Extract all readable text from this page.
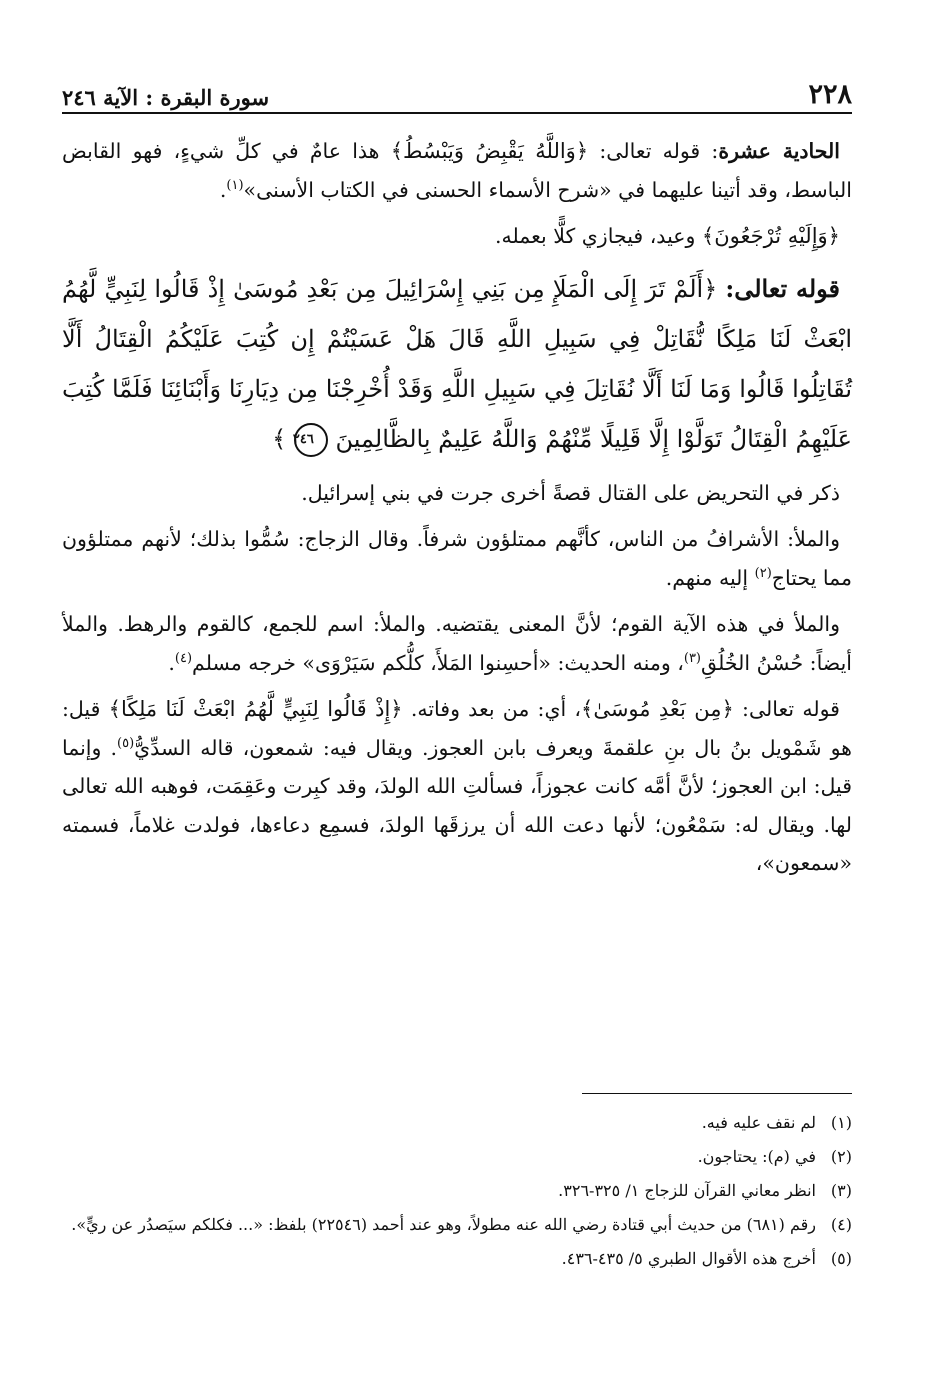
٢٢٨
سورة البقرة : الآية ٢٤٦

الحادية عشرة: قوله تعالى: ﴿وَاللَّهُ يَقْبِضُ وَيَبْسُطُ﴾ هذا عامٌ في كلِّ شيءٍ، فهو القابض الباسط، وقد أتينا عليهما في «شرح الأسماء الحسنى في الكتاب الأسنى»$^{(١)}$.

﴿وَإِلَيْهِ تُرْجَعُونَ﴾ وعيد، فيجازي كلًّا بعمله.

قوله تعالى: ﴿أَلَمْ تَرَ إِلَى الْمَلَإِ مِن بَنِي إِسْرَائِيلَ مِن بَعْدِ مُوسَىٰ إِذْ قَالُوا لِنَبِيٍّ لَّهُمُ ابْعَثْ لَنَا مَلِكًا نُّقَاتِلْ فِي سَبِيلِ اللَّهِ قَالَ هَلْ عَسَيْتُمْ إِن كُتِبَ عَلَيْكُمُ الْقِتَالُ أَلَّا تُقَاتِلُوا قَالُوا وَمَا لَنَا أَلَّا نُقَاتِلَ فِي سَبِيلِ اللَّهِ وَقَدْ أُخْرِجْنَا مِن دِيَارِنَا وَأَبْنَائِنَا فَلَمَّا كُتِبَ عَلَيْهِمُ الْقِتَالُ تَوَلَّوْا إِلَّا قَلِيلًا مِّنْهُمْ وَاللَّهُ عَلِيمٌ بِالظَّالِمِينَ ٢٤٦ ﴾

ذكر في التحريض على القتال قصةً أخرى جرت في بني إسرائيل.

والملأ: الأشرافُ من الناس، كأنَّهم ممتلؤون شرفاً. وقال الزجاج: سُمُّوا بذلك؛ لأنهم ممتلؤون مما يحتاج$^{(٢)}$ إليه منهم.

والملأ في هذه الآية القوم؛ لأنَّ المعنى يقتضيه. والملأ: اسم للجمع، كالقوم والرهط. والملأ أيضاً: حُسْنُ الخُلُقِ$^{(٣)}$، ومنه الحديث: «أحسِنوا المَلأَ، كلُّكم سَيَرْوَى» خرجه مسلم$^{(٤)}$.

قوله تعالى: ﴿مِن بَعْدِ مُوسَىٰ﴾، أي: من بعد وفاته. ﴿إِذْ قَالُوا لِنَبِيٍّ لَّهُمُ ابْعَثْ لَنَا مَلِكًا﴾ قيل: هو شَمْويل بنُ بال بنِ علقمةَ ويعرف بابن العجوز. ويقال فيه: شمعون، قاله السدِّيُّ$^{(٥)}$. وإنما قيل: ابن العجوز؛ لأنَّ أمَّه كانت عجوزاً، فسألتِ الله الولدَ، وقد كبِرت وعَقِمَت، فوهبه الله تعالى لها. ويقال له: سَمْعُون؛ لأنها دعت الله أن يرزقَها الولدَ، فسمِع دعاءها، فولدت غلاماً، فسمته «سمعون»،

(١)لم نقف عليه فيه.

(٢)في (م): يحتاجون.

(٣)انظر معاني القرآن للزجاج ١/ ٣٢٥-٣٢٦.

(٤)رقم (٦٨١) من حديث أبي قتادة رضي الله عنه مطولاً، وهو عند أحمد (٢٢٥٤٦) بلفظ: «... فكلكم سيَصدُر عن ريٍّ».

(٥)أخرج هذه الأقوال الطبري ٥/ ٤٣٥-٤٣٦.
